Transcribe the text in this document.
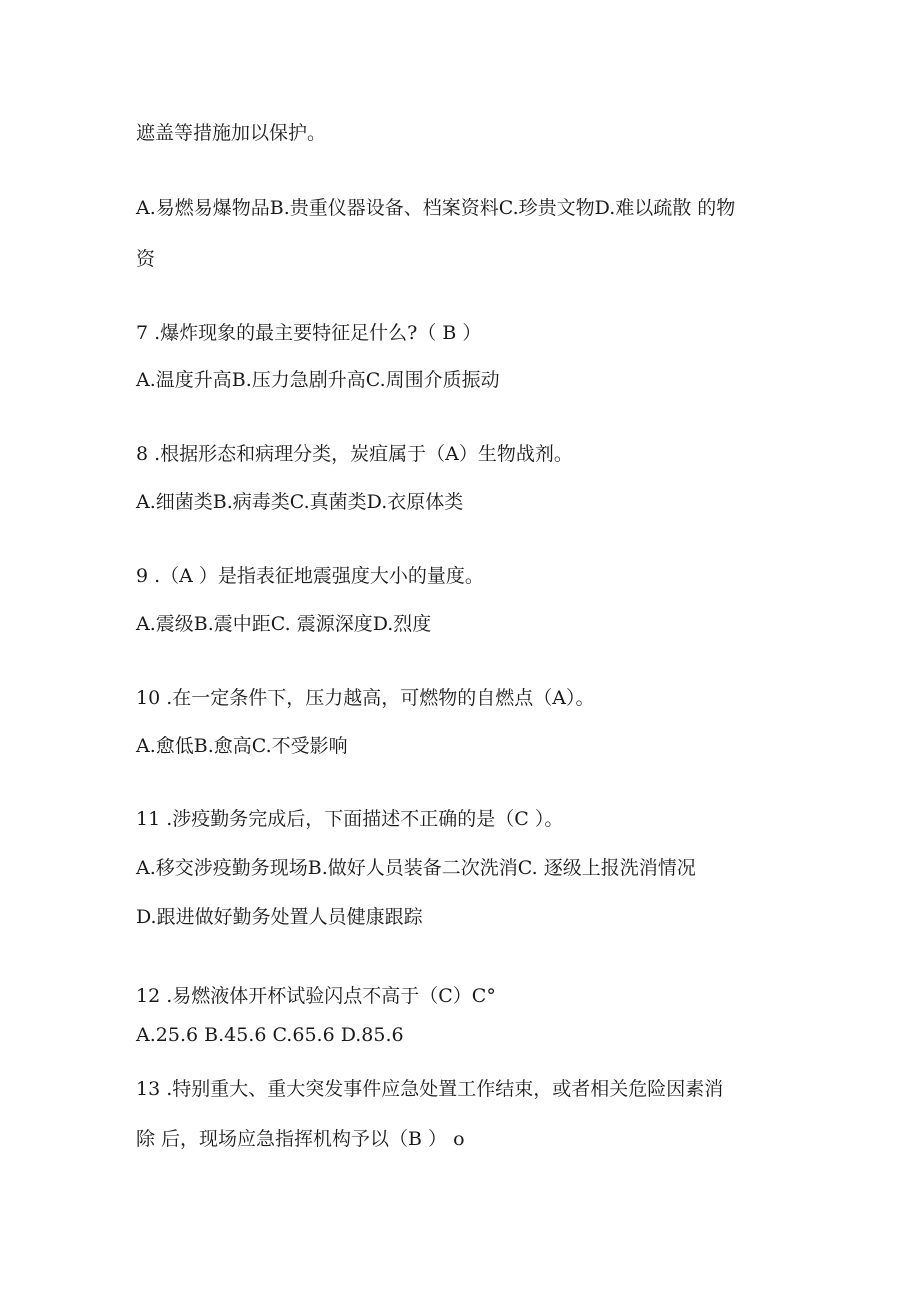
遮盖等措施加以保护。
A.易燃易爆物品B.贵重仪器设备、档案资料C.珍贵文物D.难以疏散 的物
资
7 .爆炸现象的最主要特征足什么?（ B ）
A.温度升高B.压力急剧升高C.周围介质振动
8 .根据形态和病理分类，炭疽属于（A）生物战剂。
A.细菌类B.病毒类C.真菌类D.衣原体类
9 .（A ）是指表征地震强度大小的量度。
A.震级B.震中距C. 震源深度D.烈度
10 .在一定条件下，压力越高，可燃物的自燃点（A）。
A.愈低B.愈高C.不受影响
11 .涉疫勤务完成后，下面描述不正确的是（C ）。
A.移交涉疫勤务现场B.做好人员装备二次洗消C. 逐级上报洗消情况
D.跟进做好勤务处置人员健康跟踪
12 .易燃液体开杯试验闪点不高于（C）C°
A.25.6 B.45.6 C.65.6 D.85.6
13 .特别重大、重大突发事件应急处置工作结束，或者相关危险因素消
除 后，现场应急指挥机构予以（B ） o
